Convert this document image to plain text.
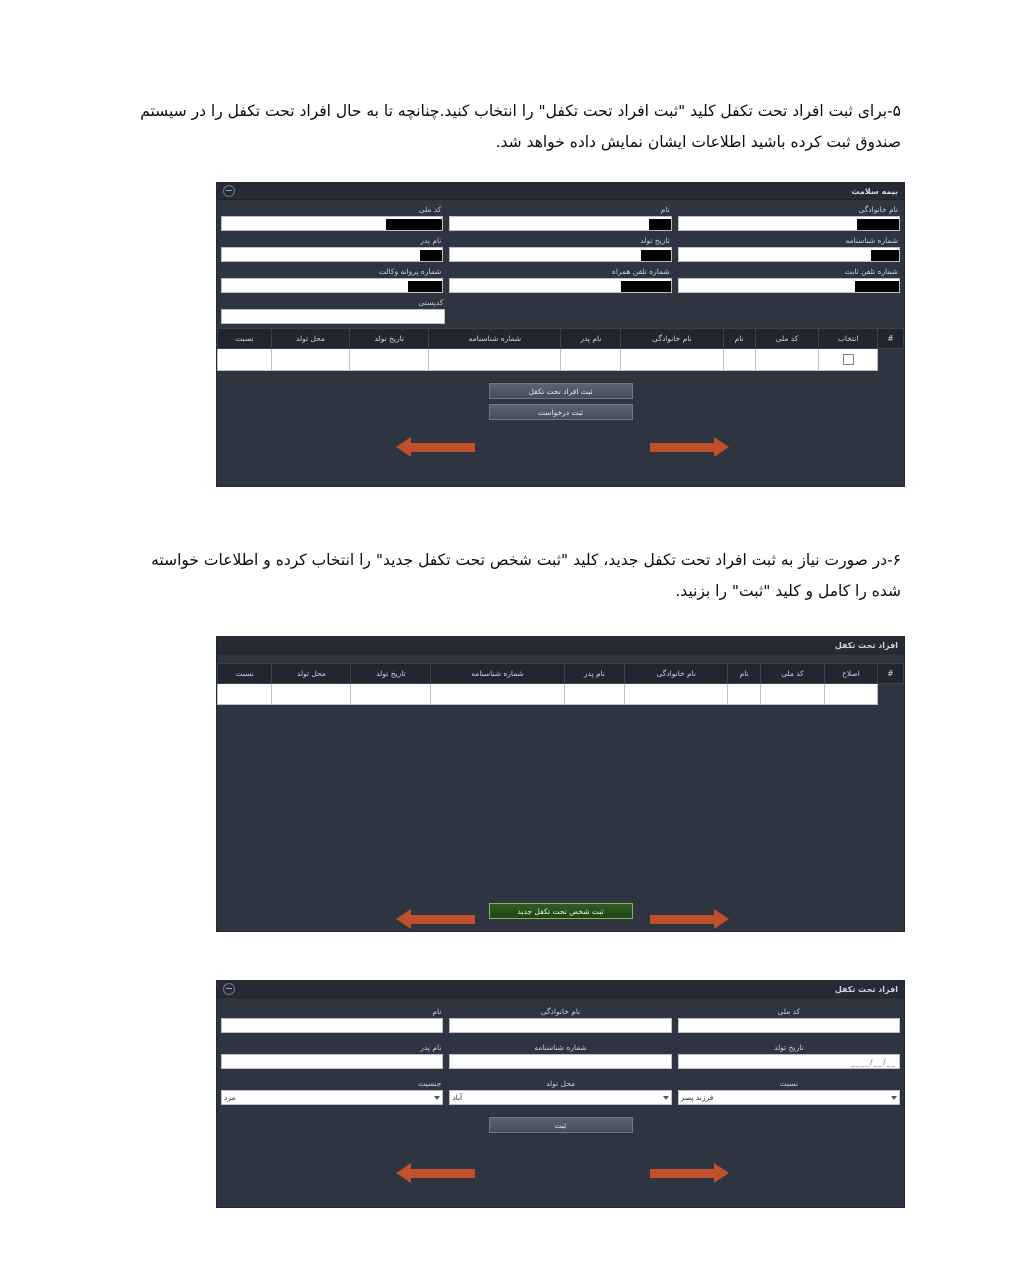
۵-برای ثبت افراد تحت تکفل کلید "ثبت افراد تحت تکفل" را انتخاب کنید.چنانچه تا به حال افراد تحت تکفل را در سیستم صندوق ثبت کرده باشید اطلاعات ایشان نمایش داده خواهد شد.
بیمه سلامت
نام خانوادگی
نام
کد ملی
شماره شناسنامه
تاریخ تولد
نام پدر
شماره تلفن ثابت
شماره تلفن همراه
شماره پروانه وکالت
کدپستی
#	انتخاب	کد ملی	نام	نام خانوادگی	نام پدر	شماره شناسنامه	تاریخ تولد	محل تولد	نسبت

ثبت افراد تحت تکفل
ثبت درخواست
۶-در صورت نیاز به ثبت افراد تحت تکفل جدید، کلید "ثبت شخص تحت تکفل جدید" را انتخاب کرده و اطلاعات خواسته شده را کامل و کلید "ثبت" را بزنید.
افراد تحت تکفل
#	اصلاح	کد ملی	نام	نام خانوادگی	نام پدر	شماره شناسنامه	تاریخ تولد	محل تولد	نسبت

ثبت شخص تحت تکفل جدید
افراد تحت تکفل
کد ملی
نام خانوادگی
نام
تاریخ تولد
__/__/____
شماره شناسنامه
نام پدر
نسبت
فرزند پسر
محل تولد
آباد
جنسیت
مرد
ثبت
